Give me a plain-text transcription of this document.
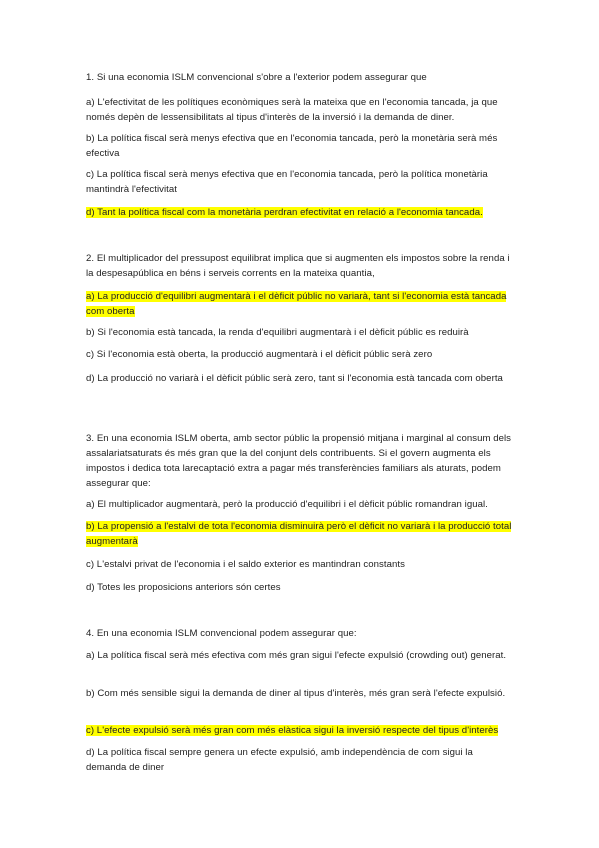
1. Si una economia ISLM convencional s'obre a l'exterior podem assegurar que

a) L'efectivitat de les polítiques econòmiques serà la mateixa que en l'economia tancada, ja que només depèn de lessensibilitats al tipus d'interès de la inversió i la demanda de diner.

b) La política fiscal serà menys efectiva que en l'economia tancada, però la monetària serà més efectiva

c) La política fiscal serà menys efectiva que en l'economia tancada, però la política monetària mantindrà l'efectivitat

d) Tant la política fiscal com la monetària perdran efectivitat en relació a l'economia tancada.

2. El multiplicador del pressupost equilibrat implica que si augmenten els impostos sobre la renda i la despesapública en béns i serveis corrents en la mateixa quantia,

a) La producció d'equilibri augmentarà i el dèficit públic no variarà, tant si l'economia està tancada com oberta

b) Si l'economia està tancada, la renda d'equilibri augmentarà i el dèficit públic es reduirà

c) Si l'economia està oberta, la producció augmentarà i el dèficit públic serà zero

d) La producció no variarà i el dèficit públic serà zero, tant si l'economia està tancada com oberta

3. En una economia ISLM oberta, amb sector públic la propensió mitjana i marginal al consum dels assalariatsaturats és més gran que la del conjunt dels contribuents. Si el govern augmenta els impostos i dedica tota larecaptació extra a pagar més transferències familiars als aturats, podem assegurar que:

a) El multiplicador augmentarà, però la producció d'equilibri i el dèficit públic romandran igual.

b) La propensió a l'estalvi de tota l'economia disminuirà però el dèficit no variarà i la producció total augmentarà

c) L'estalvi privat de l'economia i el saldo exterior es mantindran constants

d) Totes les proposicions anteriors són certes

4. En una economia ISLM convencional podem assegurar que:

a) La política fiscal serà més efectiva com més gran sigui l'efecte expulsió (crowding out) generat.

b) Com més sensible sigui la demanda de diner al tipus d'interès, més gran serà l'efecte expulsió.

c) L'efecte expulsió serà més gran com més elàstica sigui la inversió respecte del tipus d'interès

d) La política fiscal sempre genera un efecte expulsió, amb independència de com sigui la demanda de diner
